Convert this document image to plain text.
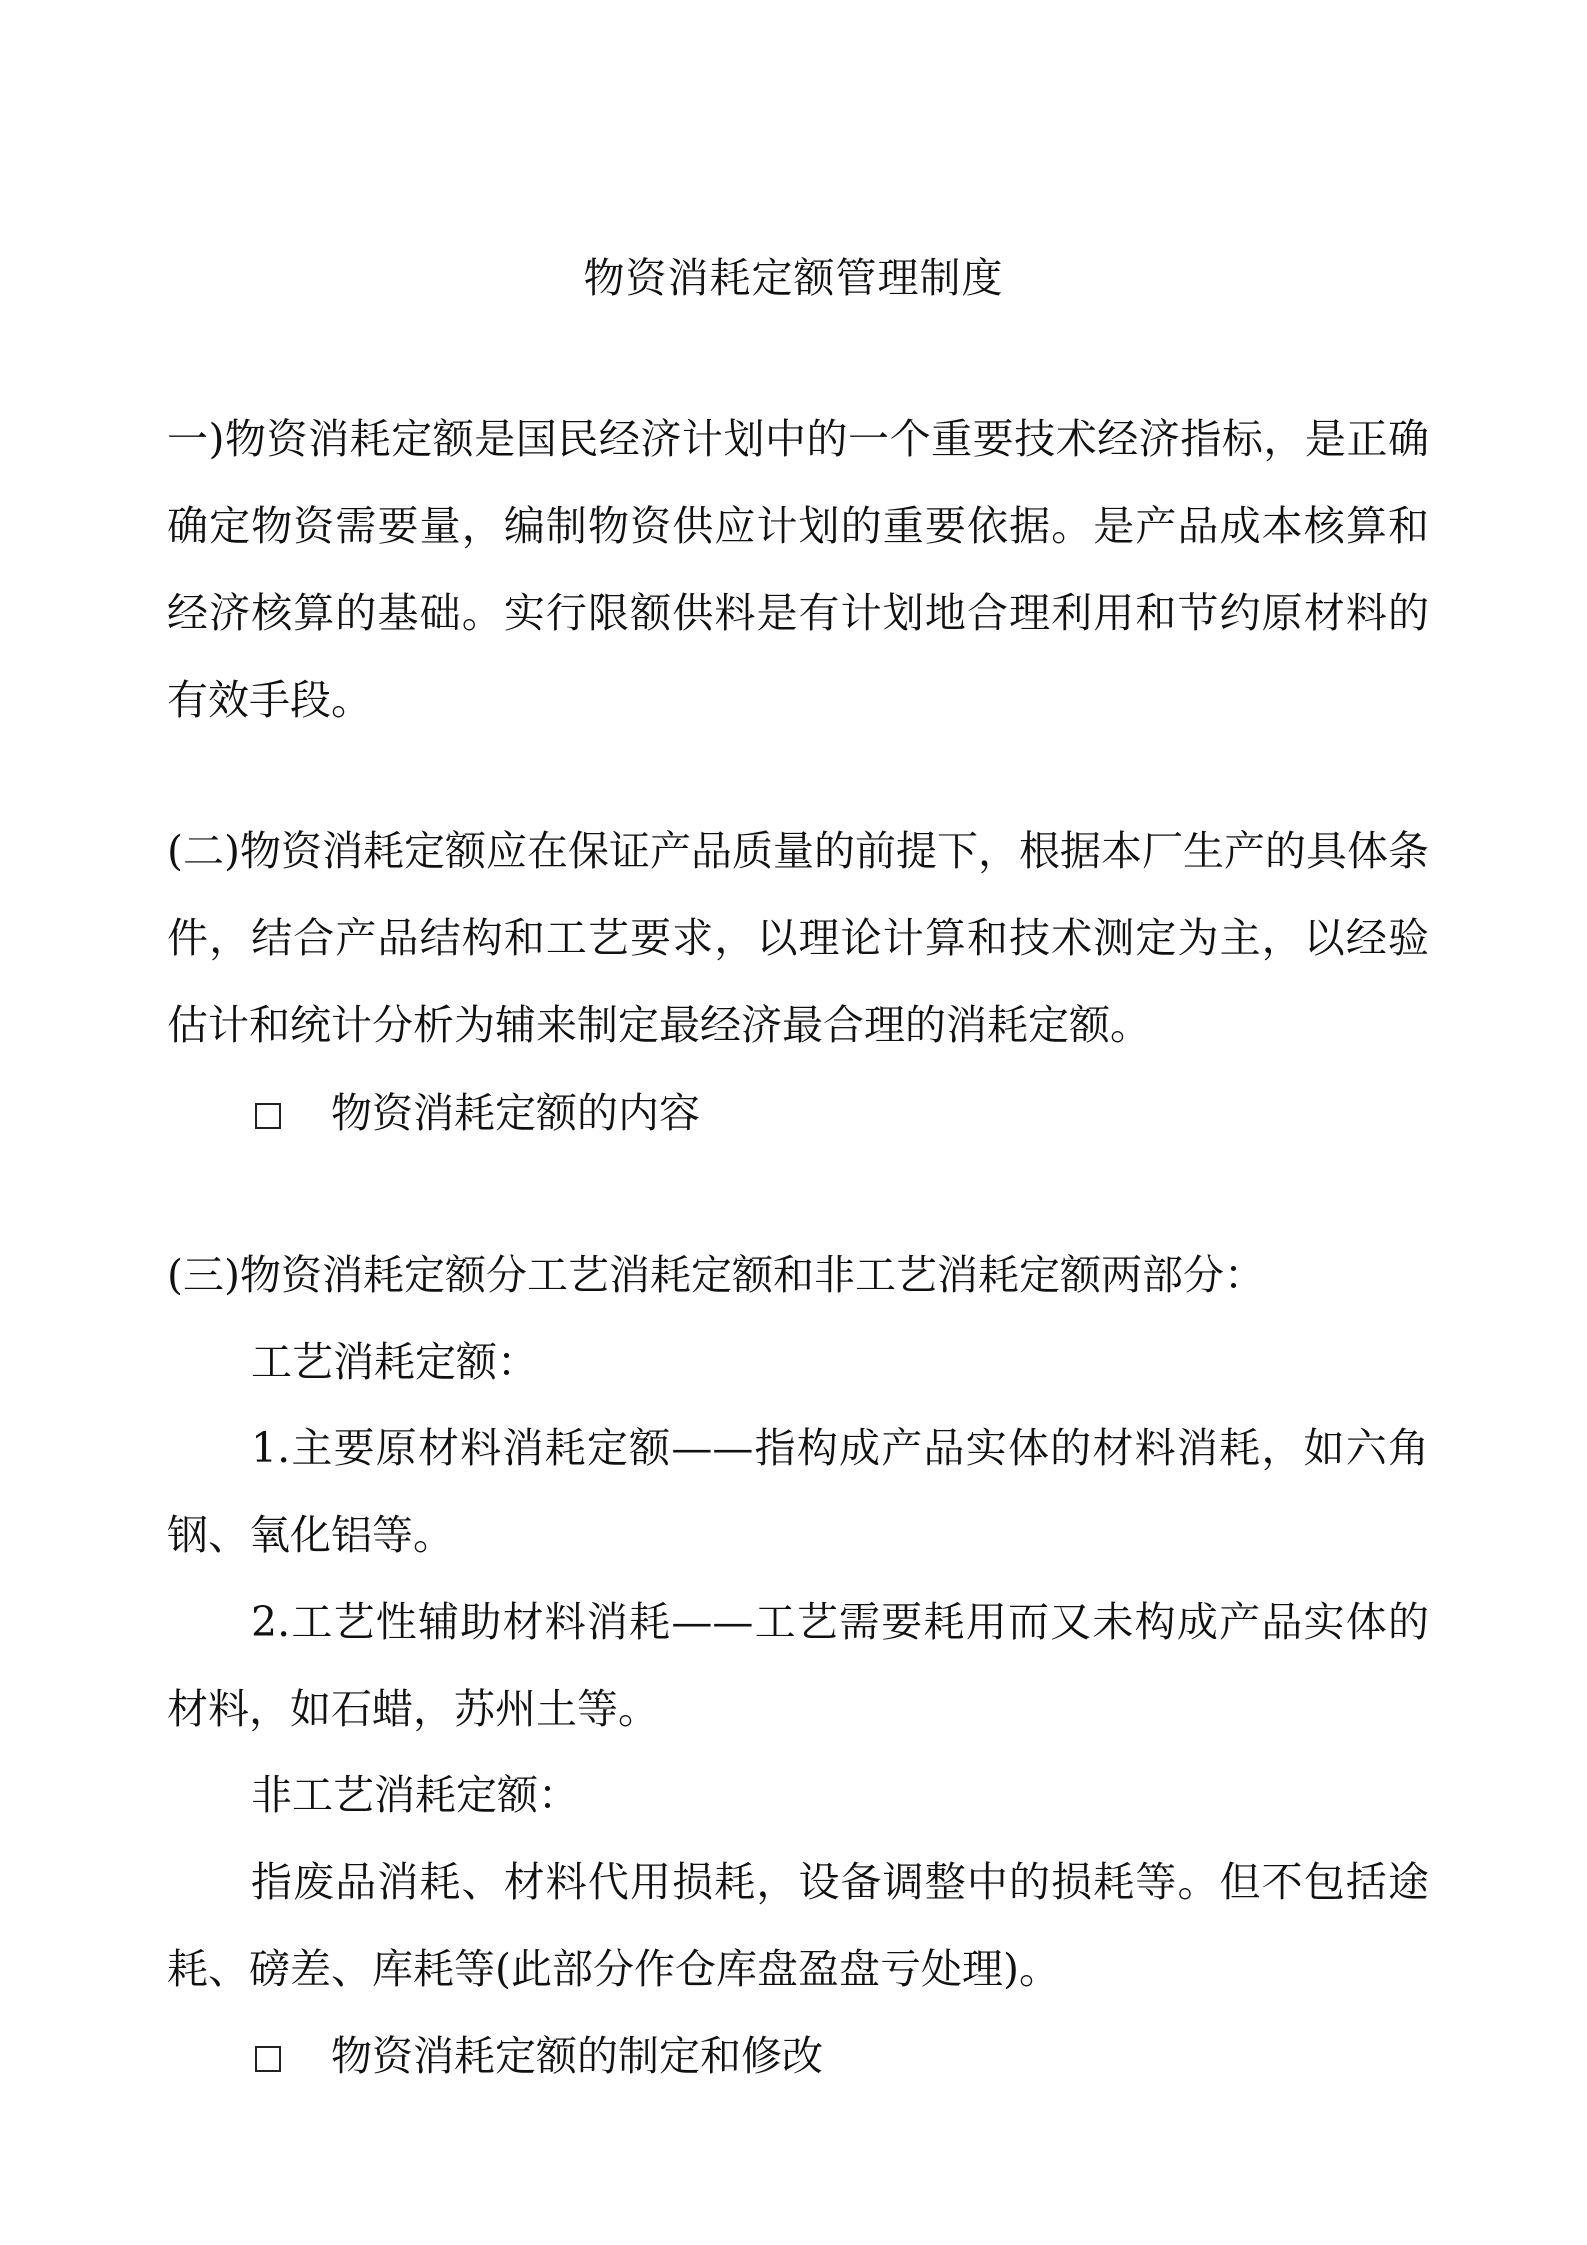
物资消耗定额管理制度

一)物资消耗定额是国民经济计划中的一个重要技术经济指标，是正确确定物资需要量，编制物资供应计划的重要依据。是产品成本核算和经济核算的基础。实行限额供料是有计划地合理利用和节约原材料的有效手段。

(二)物资消耗定额应在保证产品质量的前提下，根据本厂生产的具体条件，结合产品结构和工艺要求，以理论计算和技术测定为主，以经验估计和统计分析为辅来制定最经济最合理的消耗定额。

物资消耗定额的内容

(三)物资消耗定额分工艺消耗定额和非工艺消耗定额两部分：

工艺消耗定额：

1.主要原材料消耗定额——指构成产品实体的材料消耗，如六角钢、氧化铝等。

2.工艺性辅助材料消耗——工艺需要耗用而又未构成产品实体的材料，如石蜡，苏州土等。

非工艺消耗定额：

指废品消耗、材料代用损耗，设备调整中的损耗等。但不包括途耗、磅差、库耗等(此部分作仓库盘盈盘亏处理)。

物资消耗定额的制定和修改
